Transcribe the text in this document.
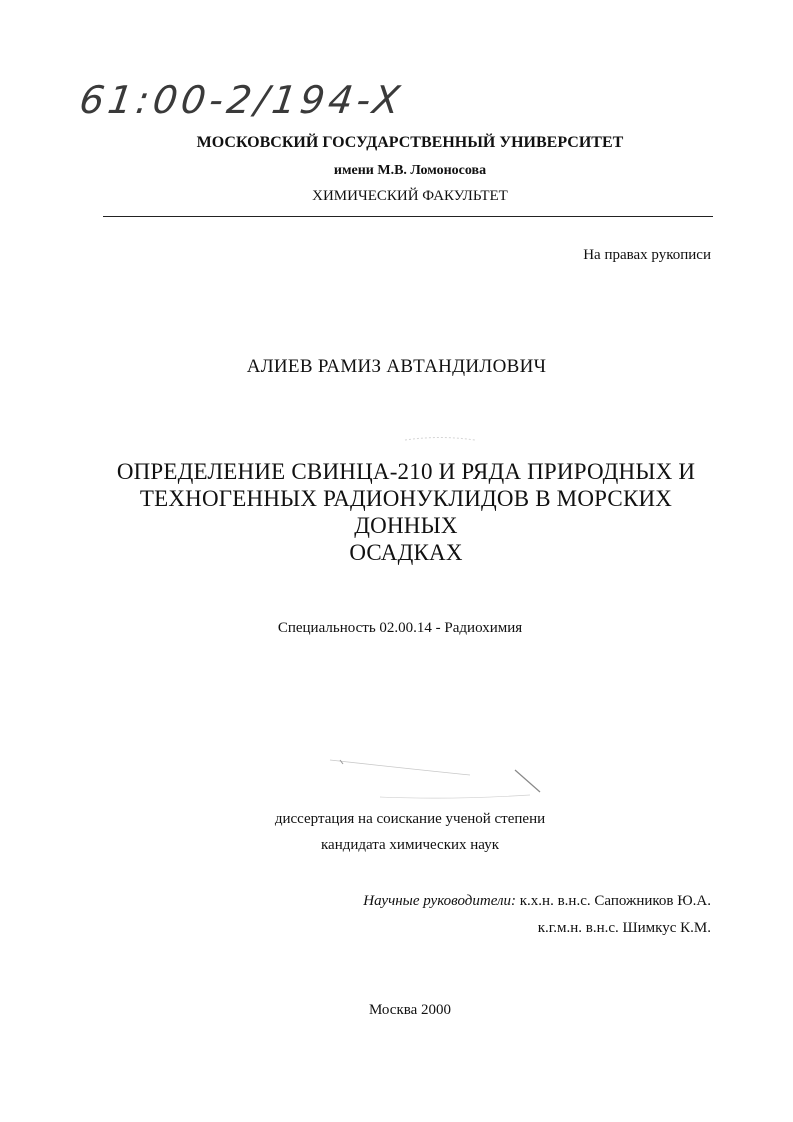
61:00-2/194-X
МОСКОВСКИЙ ГОСУДАРСТВЕННЫЙ УНИВЕРСИТЕТ
имени М.В. Ломоносова
ХИМИЧЕСКИЙ ФАКУЛЬТЕТ
На правах рукописи
АЛИЕВ РАМИЗ АВТАНДИЛОВИЧ
ОПРЕДЕЛЕНИЕ СВИНЦА-210 И РЯДА ПРИРОДНЫХ И
ТЕХНОГЕННЫХ РАДИОНУКЛИДОВ В МОРСКИХ ДОННЫХ
ОСАДКАХ
Специальность 02.00.14 - Радиохимия
диссертация на соискание ученой степени
кандидата химических наук
Научные руководители: к.х.н. в.н.с. Сапожников Ю.А.
к.г.м.н. в.н.с. Шимкус К.М.
Москва 2000
